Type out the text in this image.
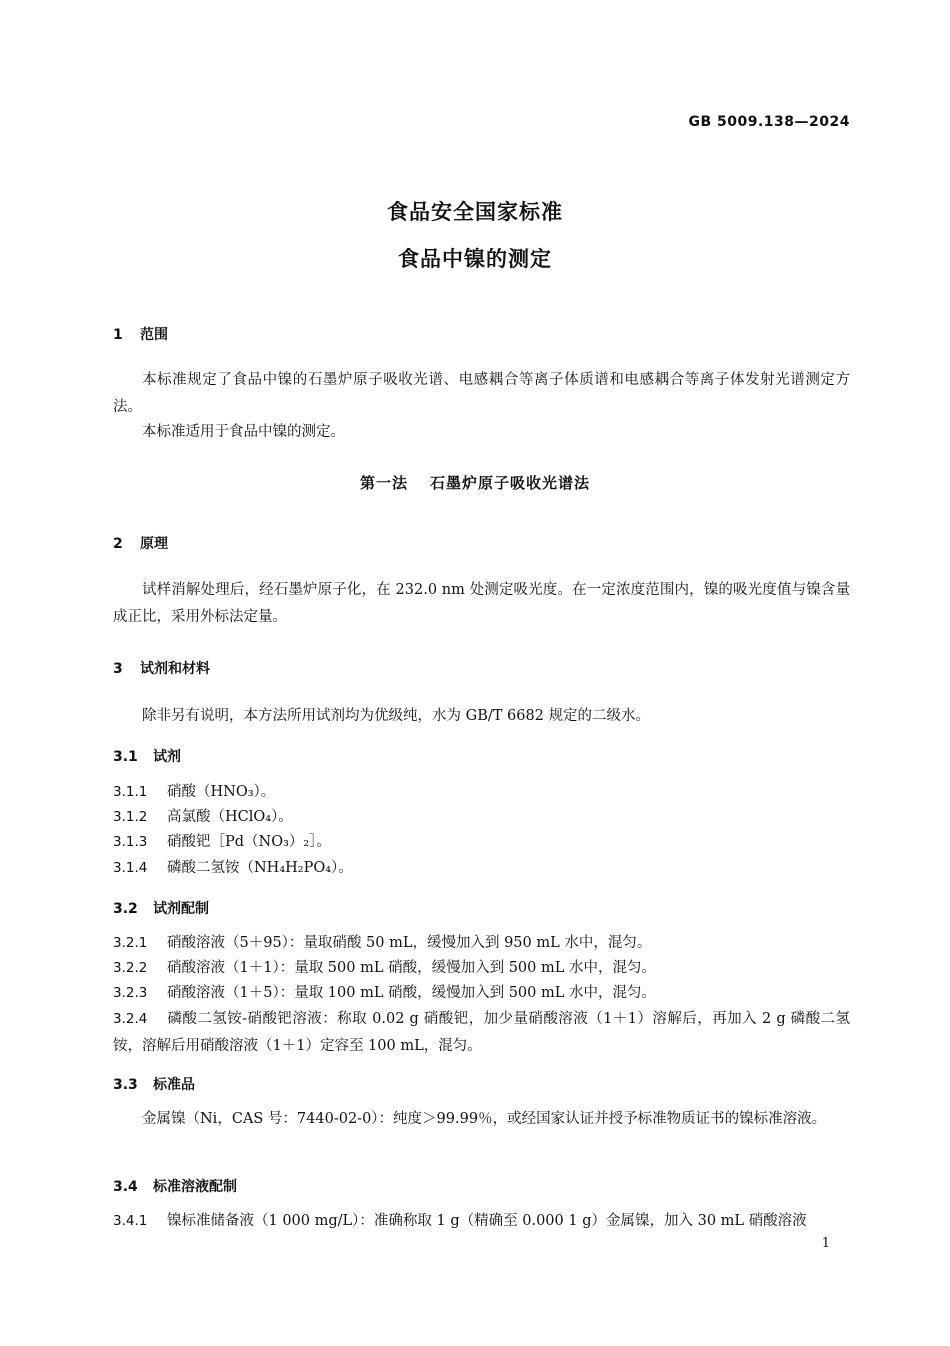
GB 5009.138—2024
食品安全国家标准
食品中镍的测定
1 范围
本标准规定了食品中镍的石墨炉原子吸收光谱、电感耦合等离子体质谱和电感耦合等离子体发射光谱测定方法。
本标准适用于食品中镍的测定。
第一法 石墨炉原子吸收光谱法
2 原理
试样消解处理后，经石墨炉原子化，在 232.0 nm 处测定吸光度。在一定浓度范围内，镍的吸光度值与镍含量成正比，采用外标法定量。
3 试剂和材料
除非另有说明，本方法所用试剂均为优级纯，水为 GB/T 6682 规定的二级水。
3.1 试剂
3.1.1 硝酸（HNO₃）。
3.1.2 高氯酸（HClO₄）。
3.1.3 硝酸钯［Pd（NO₃）₂］。
3.1.4 磷酸二氢铵（NH₄H₂PO₄）。
3.2 试剂配制
3.2.1 硝酸溶液（5＋95）：量取硝酸 50 mL，缓慢加入到 950 mL 水中，混匀。
3.2.2 硝酸溶液（1＋1）：量取 500 mL 硝酸，缓慢加入到 500 mL 水中，混匀。
3.2.3 硝酸溶液（1＋5）：量取 100 mL 硝酸，缓慢加入到 500 mL 水中，混匀。
3.2.4 磷酸二氢铵-硝酸钯溶液：称取 0.02 g 硝酸钯，加少量硝酸溶液（1＋1）溶解后，再加入 2 g 磷酸二氢铵，溶解后用硝酸溶液（1＋1）定容至 100 mL，混匀。
3.3 标准品
金属镍（Ni，CAS 号：7440-02-0）：纯度＞99.99％，或经国家认证并授予标准物质证书的镍标准溶液。
3.4 标准溶液配制
3.4.1 镍标准储备液（1 000 mg/L）：准确称取 1 g（精确至 0.000 1 g）金属镍，加入 30 mL 硝酸溶液
1
